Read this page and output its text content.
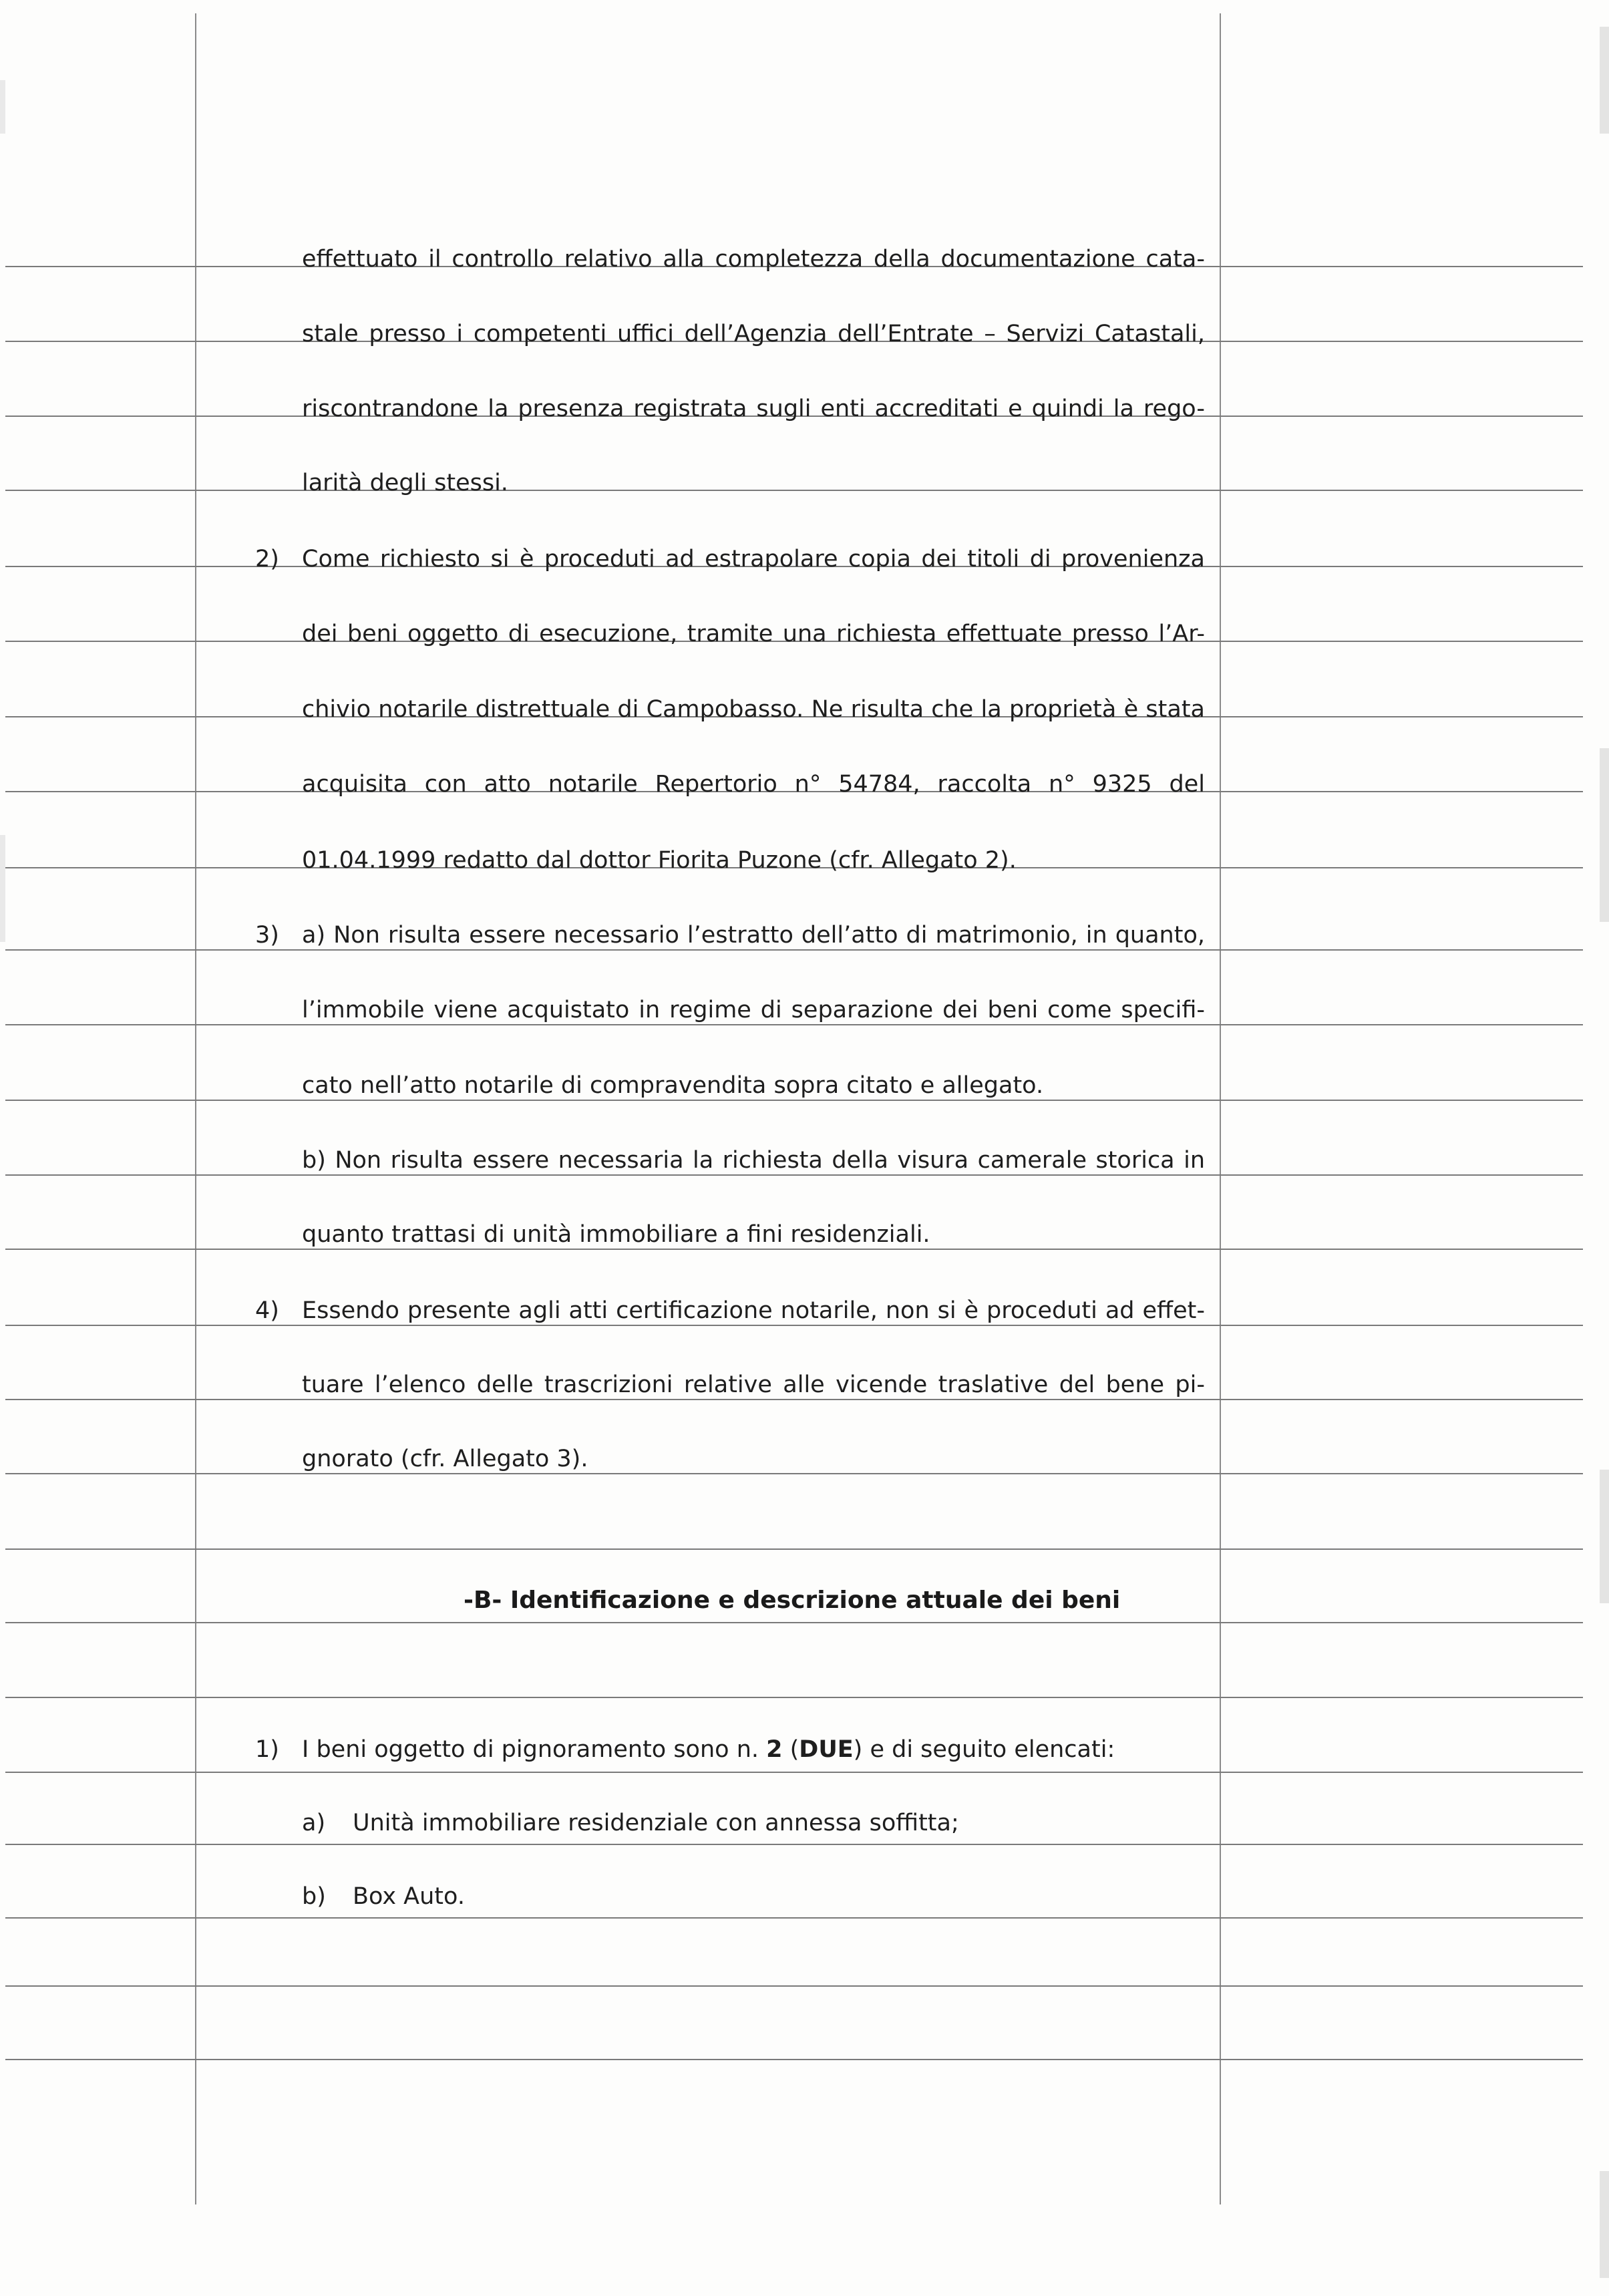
effettuato il controllo relativo alla completezza della documentazione cata-
stale presso i competenti uffici dell’Agenzia dell’Entrate – Servizi Catastali,
riscontrandone la presenza registrata sugli enti accreditati e quindi la rego-
larità degli stessi.
2) Come richiesto si è proceduti ad estrapolare copia dei titoli di provenienza
dei beni oggetto di esecuzione, tramite una richiesta effettuate presso l’Ar-
chivio notarile distrettuale di Campobasso. Ne risulta che la proprietà è stata
acquisita con atto notarile Repertorio n° 54784, raccolta n° 9325 del
01.04.1999 redatto dal dottor Fiorita Puzone (cfr. Allegato 2).
3) a) Non risulta essere necessario l’estratto dell’atto di matrimonio, in quanto,
l’immobile viene acquistato in regime di separazione dei beni come specifi-
cato nell’atto notarile di compravendita sopra citato e allegato.
b) Non risulta essere necessaria la richiesta della visura camerale storica in
quanto trattasi di unità immobiliare a fini residenziali.
4) Essendo presente agli atti certificazione notarile, non si è proceduti ad effet-
tuare l’elenco delle trascrizioni relative alle vicende traslative del bene pi-
gnorato (cfr. Allegato 3).
-B- Identificazione e descrizione attuale dei beni
1) I beni oggetto di pignoramento sono n. 2 (DUE) e di seguito elencati:
a) Unità immobiliare residenziale con annessa soffitta;
b) Box Auto.
